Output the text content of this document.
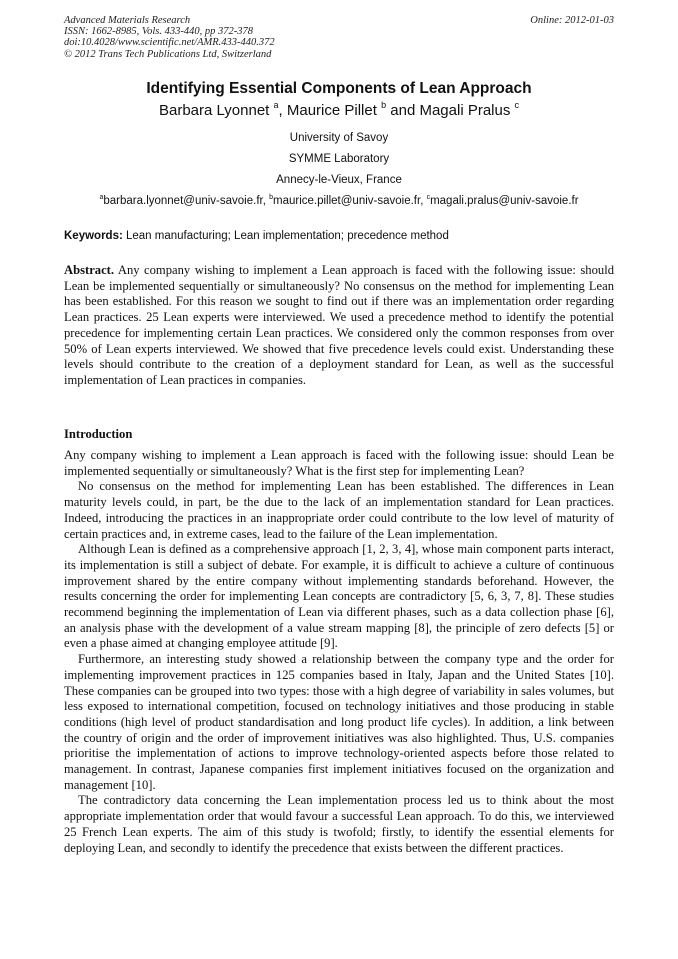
Advanced Materials Research
ISSN: 1662-8985, Vols. 433-440, pp 372-378
doi:10.4028/www.scientific.net/AMR.433-440.372
© 2012 Trans Tech Publications Ltd, Switzerland
Online: 2012-01-03
Identifying Essential Components of Lean Approach
Barbara Lyonnet $^a$, Maurice Pillet $^b$ and Magali Pralus $^c$
University of Savoy
SYMME Laboratory
Annecy-le-Vieux, France
$^a$barbara.lyonnet@univ-savoie.fr, $^b$maurice.pillet@univ-savoie.fr, $^c$magali.pralus@univ-savoie.fr
Keywords: Lean manufacturing; Lean implementation; precedence method

Abstract. Any company wishing to implement a Lean approach is faced with the following issue: should Lean be implemented sequentially or simultaneously? No consensus on the method for implementing Lean has been established. For this reason we sought to find out if there was an implementation order regarding Lean practices. 25 Lean experts were interviewed. We used a precedence method to identify the potential precedence for implementing certain Lean practices. We considered only the common responses from over 50% of Lean experts interviewed. We showed that five precedence levels could exist. Understanding these levels should contribute to the creation of a deployment standard for Lean, as well as the successful implementation of Lean practices in companies.

Introduction

Any company wishing to implement a Lean approach is faced with the following issue: should Lean be implemented sequentially or simultaneously? What is the first step for implementing Lean?

No consensus on the method for implementing Lean has been established. The differences in Lean maturity levels could, in part, be the due to the lack of an implementation standard for Lean practices. Indeed, introducing the practices in an inappropriate order could contribute to the low level of maturity of certain practices and, in extreme cases, lead to the failure of the Lean implementation.

Although Lean is defined as a comprehensive approach [1, 2, 3, 4], whose main component parts interact, its implementation is still a subject of debate. For example, it is difficult to achieve a culture of continuous improvement shared by the entire company without implementing standards beforehand. However, the results concerning the order for implementing Lean concepts are contradictory [5, 6, 3, 7, 8]. These studies recommend beginning the implementation of Lean via different phases, such as a data collection phase [6], an analysis phase with the development of a value stream mapping [8], the principle of zero defects [5] or even a phase aimed at changing employee attitude [9].

Furthermore, an interesting study showed a relationship between the company type and the order for implementing improvement practices in 125 companies based in Italy, Japan and the United States [10]. These companies can be grouped into two types: those with a high degree of variability in sales volumes, but less exposed to international competition, focused on technology initiatives and those producing in stable conditions (high level of product standardisation and long product life cycles). In addition, a link between the country of origin and the order of improvement initiatives was also highlighted. Thus, U.S. companies prioritise the implementation of actions to improve technology-oriented aspects before those related to management. In contrast, Japanese companies first implement initiatives focused on the organization and management [10].

The contradictory data concerning the Lean implementation process led us to think about the most appropriate implementation order that would favour a successful Lean approach. To do this, we interviewed 25 French Lean experts. The aim of this study is twofold; firstly, to identify the essential elements for deploying Lean, and secondly to identify the precedence that exists between the different practices.
